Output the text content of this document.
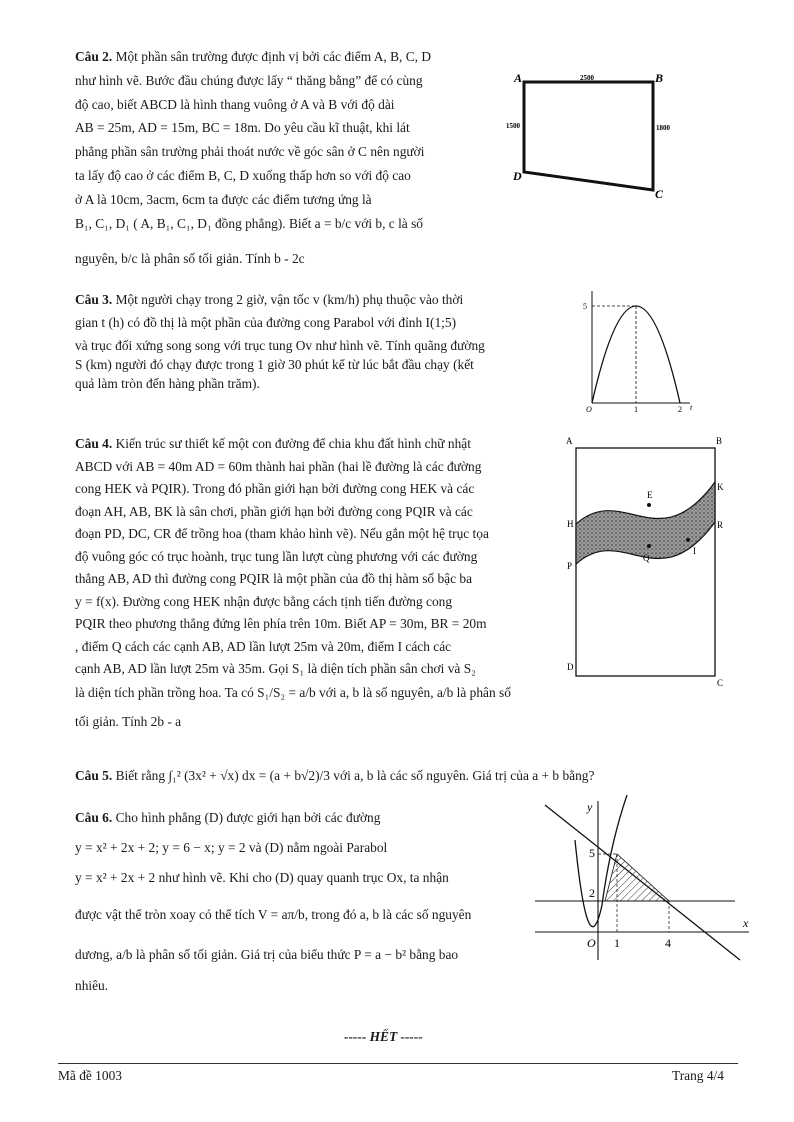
Câu 2. Một phần sân trường được định vị bởi các điểm A, B, C, D
như hình vẽ. Bước đầu chúng được lấy “ thăng bằng” để có cùng
độ cao, biết ABCD là hình thang vuông ở A và B với độ dài
AB = 25m, AD = 15m, BC = 18m. Do yêu cầu kĩ thuật, khi lát
phẳng phần sân trường phải thoát nước về góc sân ở C nên người
ta lấy độ cao ở các điểm B, C, D xuống thấp hơn so với độ cao
ở A là 10cm, 3acm, 6cm ta được các điểm tương ứng là
B₁, C₁, D₁ ( A, B₁, C₁, D₁ đồng phẳng). Biết a = b/c với b, c là số
nguyên, b/c là phân số tối giản. Tính b - 2c
A	B
C
D
2500
1500	1800
Câu 3. Một người chạy trong 2 giờ, vận tốc v (km/h) phụ thuộc vào thời
gian t (h) có đồ thị là một phần của đường cong Parabol với đỉnh I(1;5)
và trục đối xứng song song với trục tung Ov như hình vẽ. Tính quãng đường
S (km) người đó chạy được trong 1 giờ 30 phút kể từ lúc bắt đầu chạy (kết
quả làm tròn đến hàng phần trăm).
5
O	1	2 t
Câu 4. Kiến trúc sư thiết kế một con đường để chia khu đất hình chữ nhật
ABCD với AB = 40m AD = 60m thành hai phần (hai lề đường là các đường
cong HEK và PQIR). Trong đó phần giới hạn bởi đường cong HEK và các
đoạn AH, AB, BK là sân chơi, phần giới hạn bởi đường cong PQIR và các
đoạn PD, DC, CR để trồng hoa (tham khảo hình vẽ). Nếu gắn một hệ trục tọa
độ vuông góc có trục hoành, trục tung lần lượt cùng phương với các đường
thẳng AB, AD thì đường cong PQIR là một phần của đồ thị hàm số bậc ba
y = f(x). Đường cong HEK nhận được bằng cách tịnh tiến đường cong
PQIR theo phương thẳng đứng lên phía trên 10m. Biết AP = 30m, BR = 20m
, điểm Q cách các cạnh AB, AD lần lượt 25m và 20m, điểm I cách các
cạnh AB, AD lần lượt 25m và 35m. Gọi S₁ là diện tích phần sân chơi và S₂
là diện tích phần trồng hoa. Ta có S₁/S₂ = a/b với a, b là số nguyên, a/b là phân số
tối giản. Tính 2b - a
A	B
C
D
H
E
K
P
Q
I
R
Câu 5. Biết rằng ∫₁² (3x² + √x) dx = (a + b√2)/3 với a, b là các số nguyên. Giá trị của a + b bằng?
Câu 6. Cho hình phẳng (D) được giới hạn bởi các đường
y = x² + 2x + 2; y = 6 − x; y = 2 và (D) nằm ngoài Parabol
y = x² + 2x + 2 như hình vẽ. Khi cho (D) quay quanh trục Ox, ta nhận
được vật thể tròn xoay có thể tích V = aπ/b, trong đó a, b là các số nguyên
dương, a/b là phân số tối giản. Giá trị của biểu thức P = a − b² bằng bao
nhiêu.
y
x
O
5
2
1	4
----- HẾT -----
Mã đề 1003	Trang 4/4
